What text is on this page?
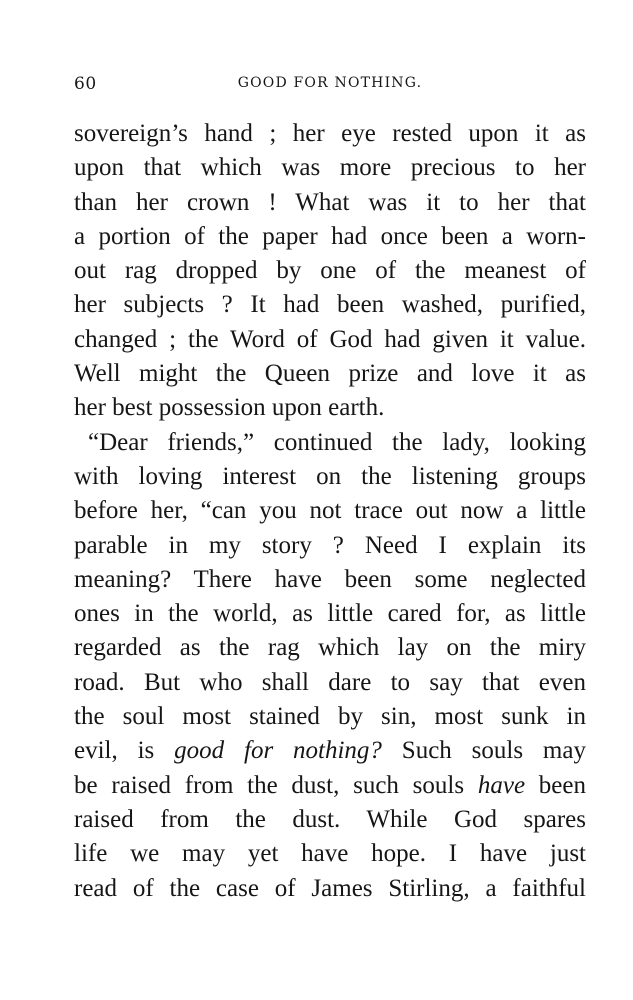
60	GOOD FOR NOTHING.
sovereign’s hand ; her eye rested upon it as
upon that which was more precious to her
than her crown ! What was it to her that
a portion of the paper had once been a worn-
out rag dropped by one of the meanest of
her subjects ? It had been washed, purified,
changed ; the Word of God had given it value.
Well might the Queen prize and love it as
her best possession upon earth.
“Dear friends,” continued the lady, looking
with loving interest on the listening groups
before her, “can you not trace out now a little
parable in my story ? Need I explain its
meaning? There have been some neglected
ones in the world, as little cared for, as little
regarded as the rag which lay on the miry
road. But who shall dare to say that even
the soul most stained by sin, most sunk in
evil, is good for nothing? Such souls may
be raised from the dust, such souls have been
raised from the dust. While God spares
life we may yet have hope. I have just
read of the case of James Stirling, a faithful
